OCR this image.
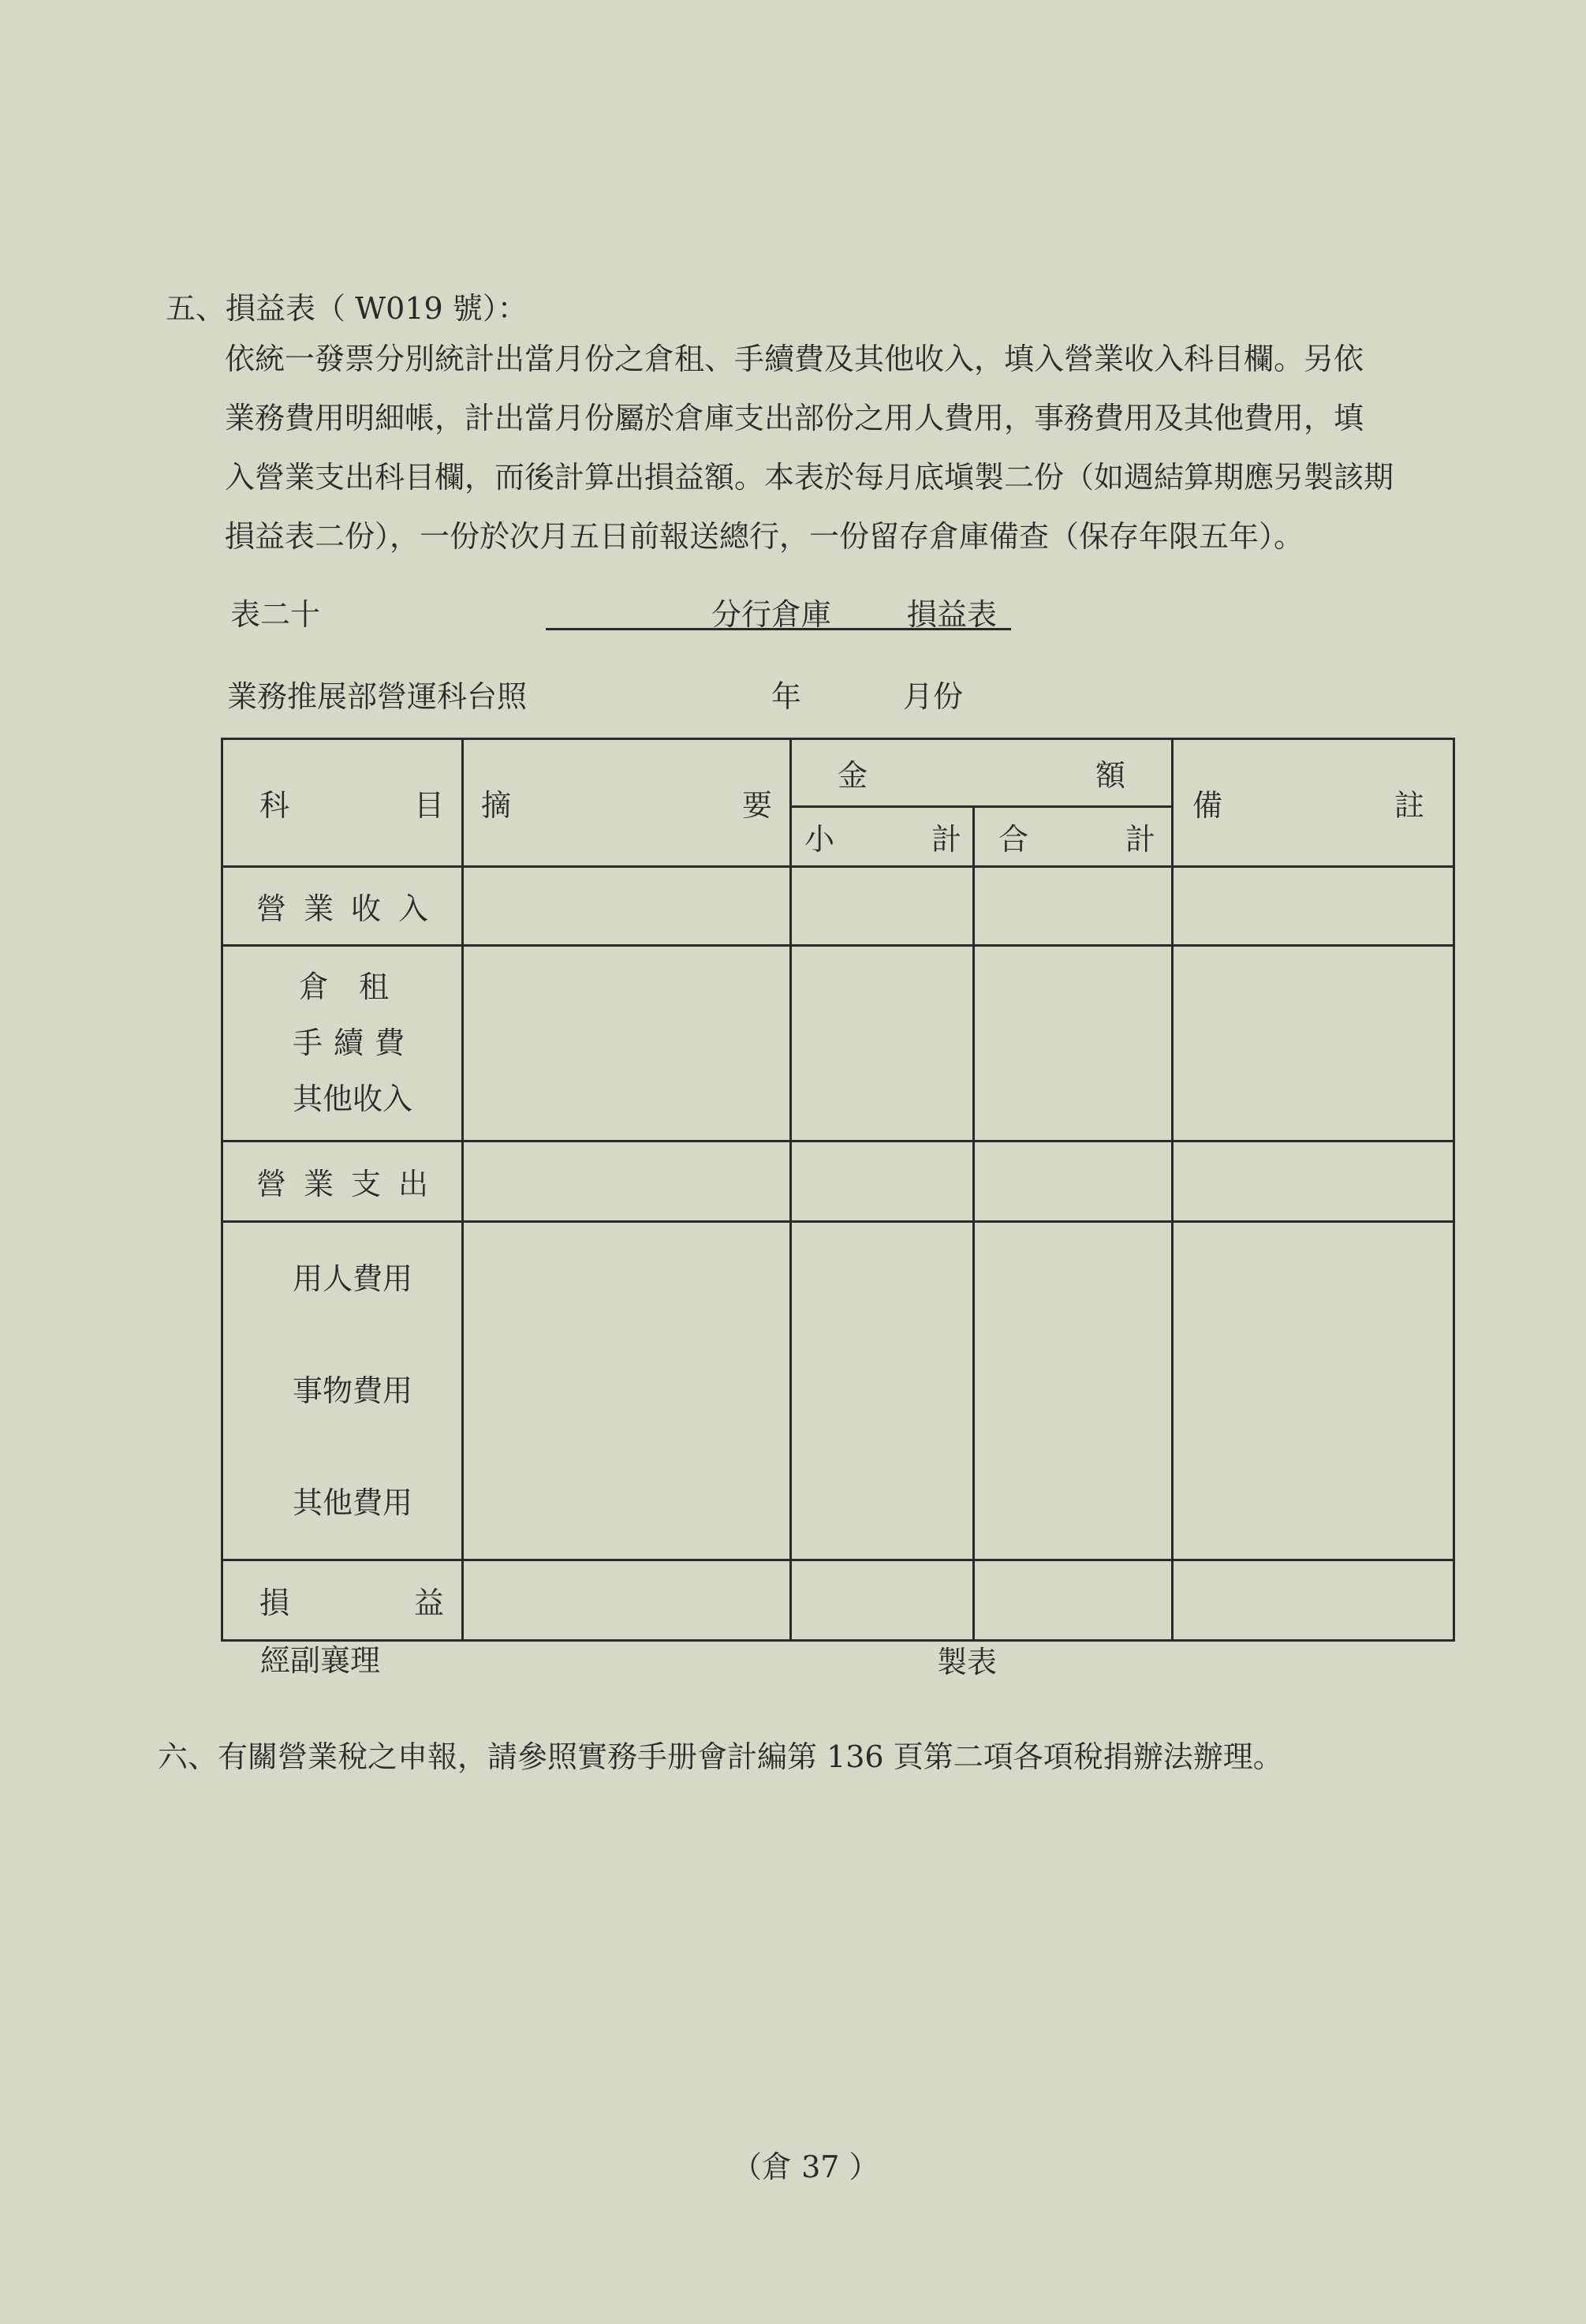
五、損益表（ W019 號）：
依統一發票分別統計出當月份之倉租、手續費及其他收入，填入營業收入科目欄。另依
業務費用明細帳，計出當月份屬於倉庫支出部份之用人費用，事務費用及其他費用，填
入營業支出科目欄，而後計算出損益額。本表於每月底塡製二份（如週結算期應另製該期
損益表二份），一份於次月五日前報送總行，一份留存倉庫備查（保存年限五年）。
表二十	分行倉庫	損益表
業務推展部營運科台照	年	月份
科 目	摘 要	金 額		備 註

		小 計	合 計	

營業收入				

倉　租
手續費
其他收入				

營業支出				

用人費用
事物費用
其他費用				

損 益				

經副襄理	製表
六、有關營業稅之申報，請參照實務手册會計編第 136 頁第二項各項稅捐辦法辦理。
（倉 37 ）
